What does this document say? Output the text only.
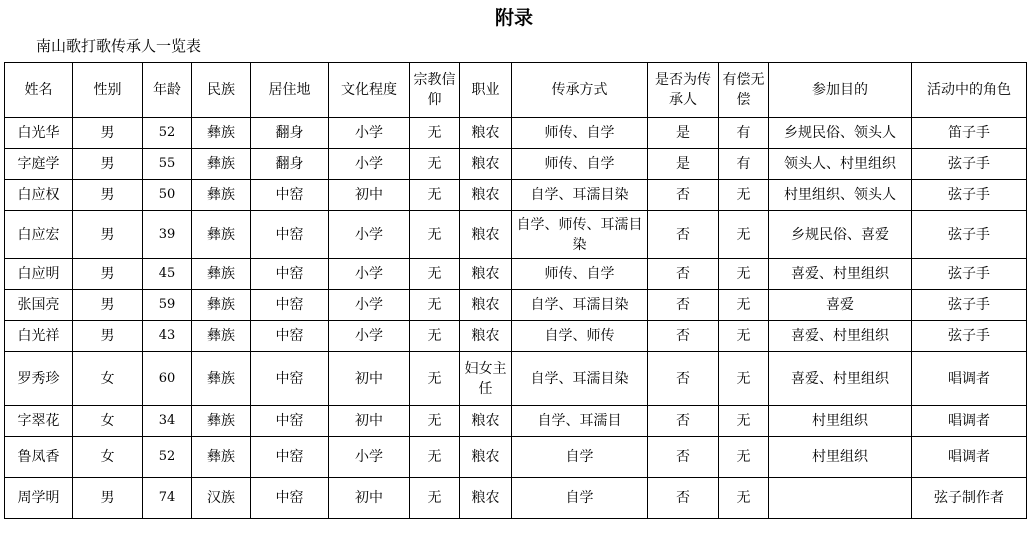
附录
南山歌打歌传承人一览表
姓名	性别	年龄	民族	居住地	文化程度	宗教信仰	职业	传承方式	是否为传承人	有偿无偿	参加目的	活动中的角色
白光华	男	52	彝族	翻身	小学	无	粮农	师传、自学	是	有	乡规民俗、领头人	笛子手
字庭学	男	55	彝族	翻身	小学	无	粮农	师传、自学	是	有	领头人、村里组织	弦子手
白应权	男	50	彝族	中窑	初中	无	粮农	自学、耳濡目染	否	无	村里组织、领头人	弦子手
白应宏	男	39	彝族	中窑	小学	无	粮农	自学、师传、耳濡目染	否	无	乡规民俗、喜爱	弦子手
白应明	男	45	彝族	中窑	小学	无	粮农	师传、自学	否	无	喜爱、村里组织	弦子手
张国亮	男	59	彝族	中窑	小学	无	粮农	自学、耳濡目染	否	无	喜爱	弦子手
白光祥	男	43	彝族	中窑	小学	无	粮农	自学、师传	否	无	喜爱、村里组织	弦子手
罗秀珍	女	60	彝族	中窑	初中	无	妇女主任	自学、耳濡目染	否	无	喜爱、村里组织	唱调者
字翠花	女	34	彝族	中窑	初中	无	粮农	自学、耳濡目	否	无	村里组织	唱调者
鲁凤香	女	52	彝族	中窑	小学	无	粮农	自学	否	无	村里组织	唱调者
周学明	男	74	汉族	中窑	初中	无	粮农	自学	否	无		弦子制作者
